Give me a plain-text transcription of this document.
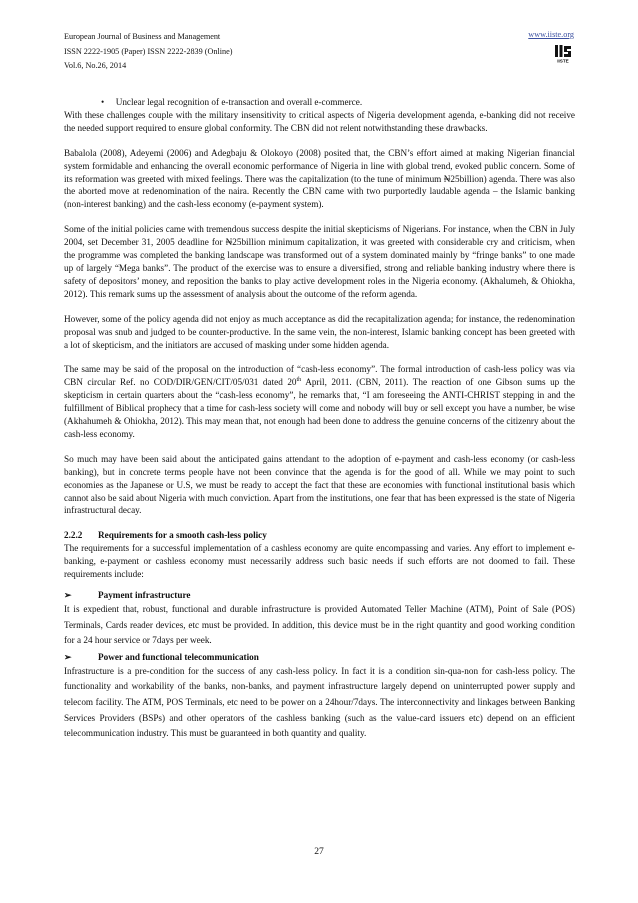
European Journal of Business and Management
ISSN 2222-1905 (Paper) ISSN 2222-2839 (Online)
Vol.6, No.26, 2014
www.iiste.org
IISTE

•     Unclear legal recognition of e-transaction and overall e-commerce.

With these challenges couple with the military insensitivity to critical aspects of Nigeria development agenda, e-banking did not receive the needed support required to ensure global conformity. The CBN did not relent notwithstanding these drawbacks.

Babalola (2008), Adeyemi (2006) and Adegbaju & Olokoyo (2008) posited that, the CBN’s effort aimed at making Nigerian financial system formidable and enhancing the overall economic performance of Nigeria in line with global trend, evoked public concern. Some of its reformation was greeted with mixed feelings. There was the capitalization (to the tune of minimum ₦25billion) agenda. There was also the aborted move at redenomination of the naira. Recently the CBN came with two purportedly laudable agenda – the Islamic banking (non-interest banking) and the cash-less economy (e-payment system).

Some of the initial policies came with tremendous success despite the initial skepticisms of Nigerians. For instance, when the CBN in July 2004, set December 31, 2005 deadline for ₦25billion minimum capitalization, it was greeted with considerable cry and criticism, when the programme was completed the banking landscape was transformed out of a system dominated mainly by “fringe banks” to one made up of largely “Mega banks”. The product of the exercise was to ensure a diversified, strong and reliable banking industry where there is safety of depositors’ money, and reposition the banks to play active development roles in the Nigeria economy. (Akhalumeh, & Ohiokha, 2012). This remark sums up the assessment of analysis about the outcome of the reform agenda.

However, some of the policy agenda did not enjoy as much acceptance as did the recapitalization agenda; for instance, the redenomination proposal was snub and judged to be counter-productive. In the same vein, the non-interest, Islamic banking concept has been greeted with a lot of skepticism, and the initiators are accused of masking under some hidden agenda.

The same may be said of the proposal on the introduction of “cash-less economy”. The formal introduction of cash-less policy was via CBN circular Ref. no COD/DIR/GEN/CIT/05/031 dated 20th April, 2011. (CBN, 2011). The reaction of one Gibson sums up the skepticism in certain quarters about the “cash-less economy”, he remarks that, “I am foreseeing the ANTI-CHRIST stepping in and the fulfillment of Biblical prophecy that a time for cash-less society will come and nobody will buy or sell except you have a number, be wise (Akhahumeh & Ohiokha, 2012). This may mean that, not enough had been done to address the genuine concerns of the citizenry about the cash-less economy.

So much may have been said about the anticipated gains attendant to the adoption of e-payment and cash-less economy (or cash-less banking), but in concrete terms people have not been convince that the agenda is for the good of all. While we may point to such economies as the Japanese or U.S, we must be ready to accept the fact that these are economies with functional institutional basis which cannot also be said about Nigeria with much conviction. Apart from the institutions, one fear that has been expressed is the state of Nigeria infrastructural decay.

2.2.2 Requirements for a smooth cash-less policy

The requirements for a successful implementation of a cashless economy are quite encompassing and varies. Any effort to implement e-banking, e-payment or cashless economy must necessarily address such basic needs if such efforts are not doomed to fail. These requirements include:

➢	Payment infrastructure

It is expedient that, robust, functional and durable infrastructure is provided Automated Teller Machine (ATM), Point of Sale (POS) Terminals, Cards reader devices, etc must be provided. In addition, this device must be in the right quantity and good working condition for a 24 hour service or 7days per week.

➢	Power and functional telecommunication

Infrastructure is a pre-condition for the success of any cash-less policy. In fact it is a condition sin-qua-non for cash-less policy. The functionality and workability of the banks, non-banks, and payment infrastructure largely depend on uninterrupted power supply and telecom facility. The ATM, POS Terminals, etc need to be power on a 24hour/7days. The interconnectivity and linkages between Banking Services Providers (BSPs) and other operators of the cashless banking (such as the value-card issuers etc) depend on an efficient telecommunication industry. This must be guaranteed in both quantity and quality.

27
